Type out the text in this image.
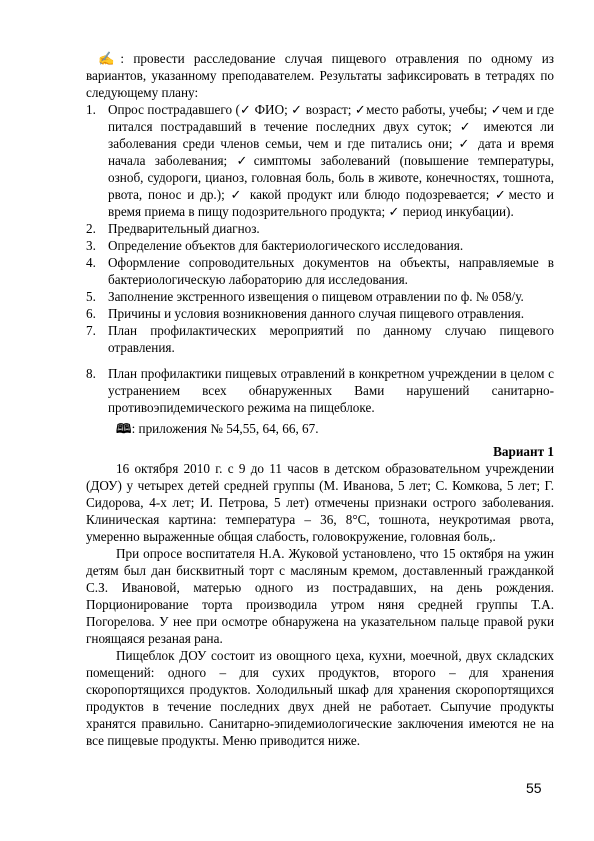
✍: провести расследование случая пищевого отравления по одному из вариантов, указанному преподавателем. Результаты зафиксировать в тетрадях по следующему плану:

1. Опрос пострадавшего (✓ ФИО; ✓ возраст; ✓место работы, учебы; ✓чем и где питался пострадавший в течение последних двух суток; ✓ имеются ли заболевания среди членов семьи, чем и где питались они; ✓ дата и время начала заболевания; ✓симптомы заболеваний (повышение температуры, озноб, судороги, цианоз, головная боль, боль в животе, конечностях, тошнота, рвота, понос и др.); ✓ какой продукт или блюдо подозревается; ✓место и время приема в пищу подозрительного продукта; ✓ период инкубации).
2. Предварительный диагноз.
3. Определение объектов для бактериологического исследования.
4. Оформление сопроводительных документов на объекты, направляемые в бактериологическую лабораторию для исследования.
5. Заполнение экстренного извещения о пищевом отравлении по ф. № 058/у.
6. Причины и условия возникновения данного случая пищевого отравления.
7. План профилактических мероприятий по данному случаю пищевого отравления.
8. План профилактики пищевых отравлений в конкретном учреждении в целом с устранением всех обнаруженных Вами нарушений санитарно-противоэпидемического режима на пищеблоке.

🕮: приложения № 54,55, 64, 66, 67.

Вариант 1

16 октября 2010 г. с 9 до 11 часов в детском образовательном учреждении (ДОУ) у четырех детей средней группы (М. Иванова, 5 лет; С. Комкова, 5 лет; Г. Сидорова, 4-х лет; И. Петрова, 5 лет) отмечены признаки острого заболевания. Клиническая картина: температура – 36, 8°С, тошнота, неукротимая рвота, умеренно выраженные общая слабость, головокружение, головная боль,.

При опросе воспитателя Н.А. Жуковой установлено, что 15 октября на ужин детям был дан бисквитный торт с масляным кремом, доставленный гражданкой С.З. Ивановой, матерью одного из пострадавших, на день рождения. Порционирование торта производила утром няня средней группы Т.А. Погорелова. У нее при осмотре обнаружена на указательном пальце правой руки гноящаяся резаная рана.

Пищеблок ДОУ состоит из овощного цеха, кухни, моечной, двух складских помещений: одного – для сухих продуктов, второго – для хранения скоропортящихся продуктов. Холодильный шкаф для хранения скоропортящихся продуктов в течение последних двух дней не работает. Сыпучие продукты хранятся правильно. Санитарно-эпидемиологические заключения имеются не на все пищевые продукты. Меню приводится ниже.

55
